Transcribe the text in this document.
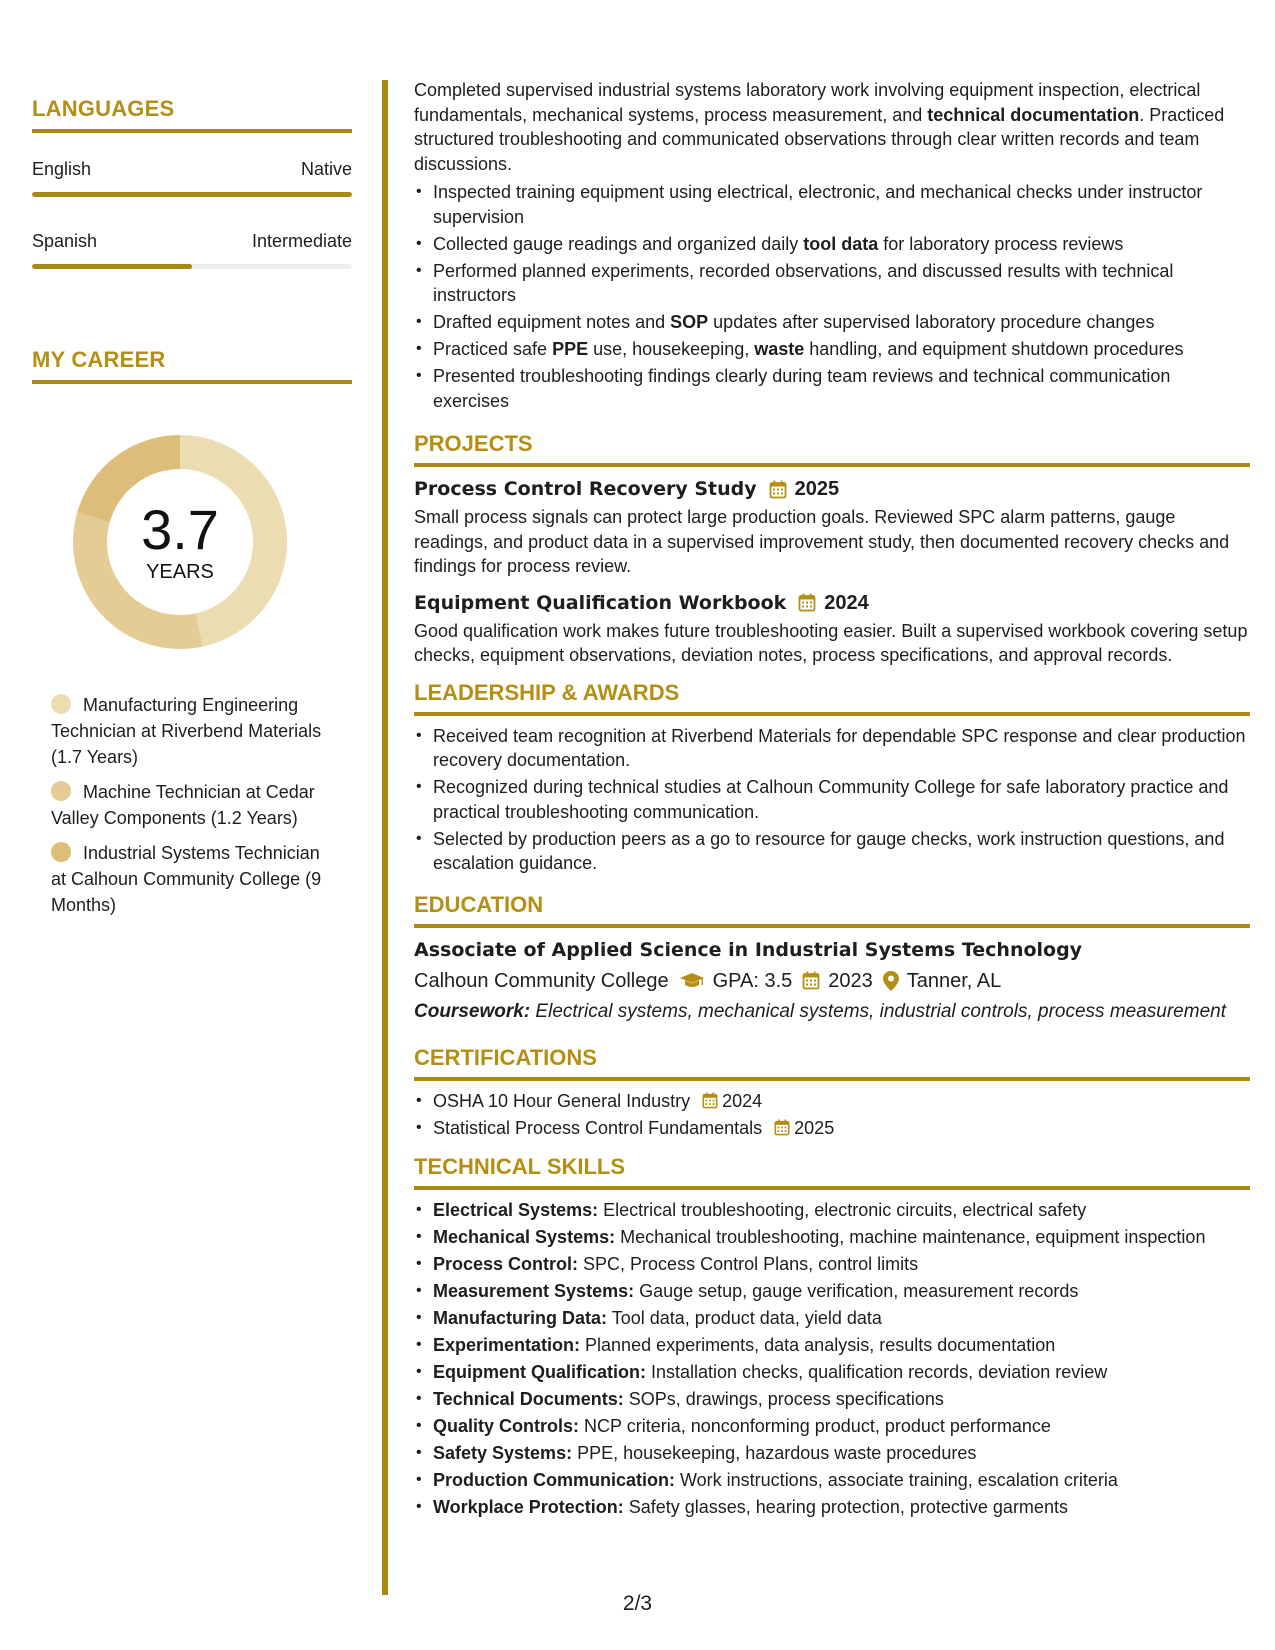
LANGUAGES
English	Native
Spanish	Intermediate
MY CAREER
3.7
YEARS
Manufacturing Engineering Technician at Riverbend Materials (1.7 Years)
Machine Technician at Cedar Valley Components (1.2 Years)
Industrial Systems Technician at Calhoun Community College (9 Months)

Completed supervised industrial systems laboratory work involving equipment inspection, electrical fundamentals, mechanical systems, process measurement, and technical documentation. Practiced structured troubleshooting and communicated observations through clear written records and team discussions.

• Inspected training equipment using electrical, electronic, and mechanical checks under instructor supervision
• Collected gauge readings and organized daily tool data for laboratory process reviews
• Performed planned experiments, recorded observations, and discussed results with technical instructors
• Drafted equipment notes and SOP updates after supervised laboratory procedure changes
• Practiced safe PPE use, housekeeping, waste handling, and equipment shutdown procedures
• Presented troubleshooting findings clearly during team reviews and technical communication exercises
PROJECTS
Process Control Recovery Study 2025

Small process signals can protect large production goals. Reviewed SPC alarm patterns, gauge readings, and product data in a supervised improvement study, then documented recovery checks and findings for process review.

Equipment Qualification Workbook 2024

Good qualification work makes future troubleshooting easier. Built a supervised workbook covering setup checks, equipment observations, deviation notes, process specifications, and approval records.

LEADERSHIP & AWARDS
• Received team recognition at Riverbend Materials for dependable SPC response and clear production recovery documentation.
• Recognized during technical studies at Calhoun Community College for safe laboratory practice and practical troubleshooting communication.
• Selected by production peers as a go to resource for gauge checks, work instruction questions, and escalation guidance.
EDUCATION
Associate of Applied Science in Industrial Systems Technology
Calhoun Community College GPA: 3.5 2023 Tanner, AL

Coursework: Electrical systems, mechanical systems, industrial controls, process measurement

CERTIFICATIONS
• OSHA 10 Hour General Industry 2024
• Statistical Process Control Fundamentals 2025
TECHNICAL SKILLS
• Electrical Systems: Electrical troubleshooting, electronic circuits, electrical safety
• Mechanical Systems: Mechanical troubleshooting, machine maintenance, equipment inspection
• Process Control: SPC, Process Control Plans, control limits
• Measurement Systems: Gauge setup, gauge verification, measurement records
• Manufacturing Data: Tool data, product data, yield data
• Experimentation: Planned experiments, data analysis, results documentation
• Equipment Qualification: Installation checks, qualification records, deviation review
• Technical Documents: SOPs, drawings, process specifications
• Quality Controls: NCP criteria, nonconforming product, product performance
• Safety Systems: PPE, housekeeping, hazardous waste procedures
• Production Communication: Work instructions, associate training, escalation criteria
• Workplace Protection: Safety glasses, hearing protection, protective garments
2/3
